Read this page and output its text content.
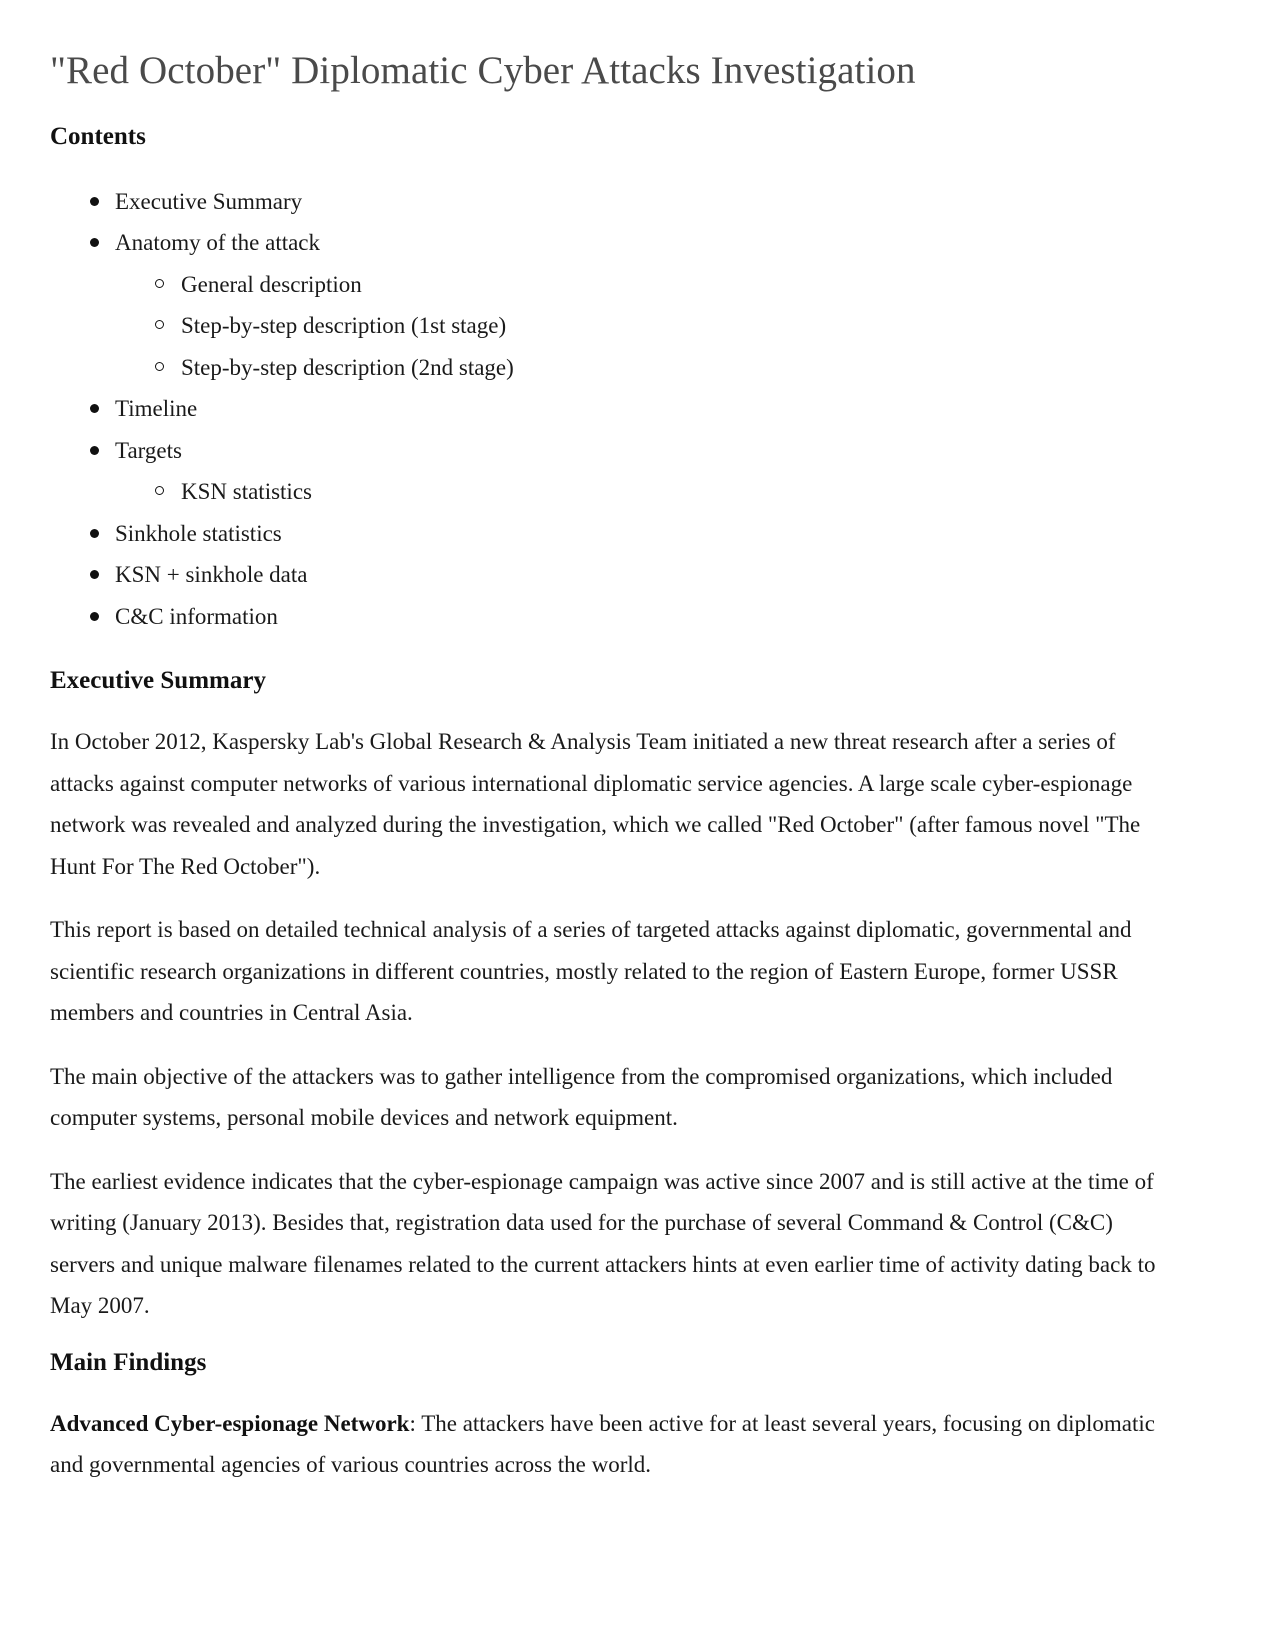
"Red October" Diplomatic Cyber Attacks Investigation
Contents
Executive Summary
Anatomy of the attack
General description
Step-by-step description (1st stage)
Step-by-step description (2nd stage)
Timeline
Targets
KSN statistics
Sinkhole statistics
KSN + sinkhole data
C&C information
Executive Summary

In October 2012, Kaspersky Lab's Global Research & Analysis Team initiated a new threat research after a series of attacks against computer networks of various international diplomatic service agencies. A large scale cyber-espionage network was revealed and analyzed during the investigation, which we called "Red October" (after famous novel "The Hunt For The Red October").

This report is based on detailed technical analysis of a series of targeted attacks against diplomatic, governmental and scientific research organizations in different countries, mostly related to the region of Eastern Europe, former USSR members and countries in Central Asia.

The main objective of the attackers was to gather intelligence from the compromised organizations, which included computer systems, personal mobile devices and network equipment.

The earliest evidence indicates that the cyber-espionage campaign was active since 2007 and is still active at the time of writing (January 2013). Besides that, registration data used for the purchase of several Command & Control (C&C) servers and unique malware filenames related to the current attackers hints at even earlier time of activity dating back to May 2007.

Main Findings

Advanced Cyber-espionage Network: The attackers have been active for at least several years, focusing on diplomatic and governmental agencies of various countries across the world.
